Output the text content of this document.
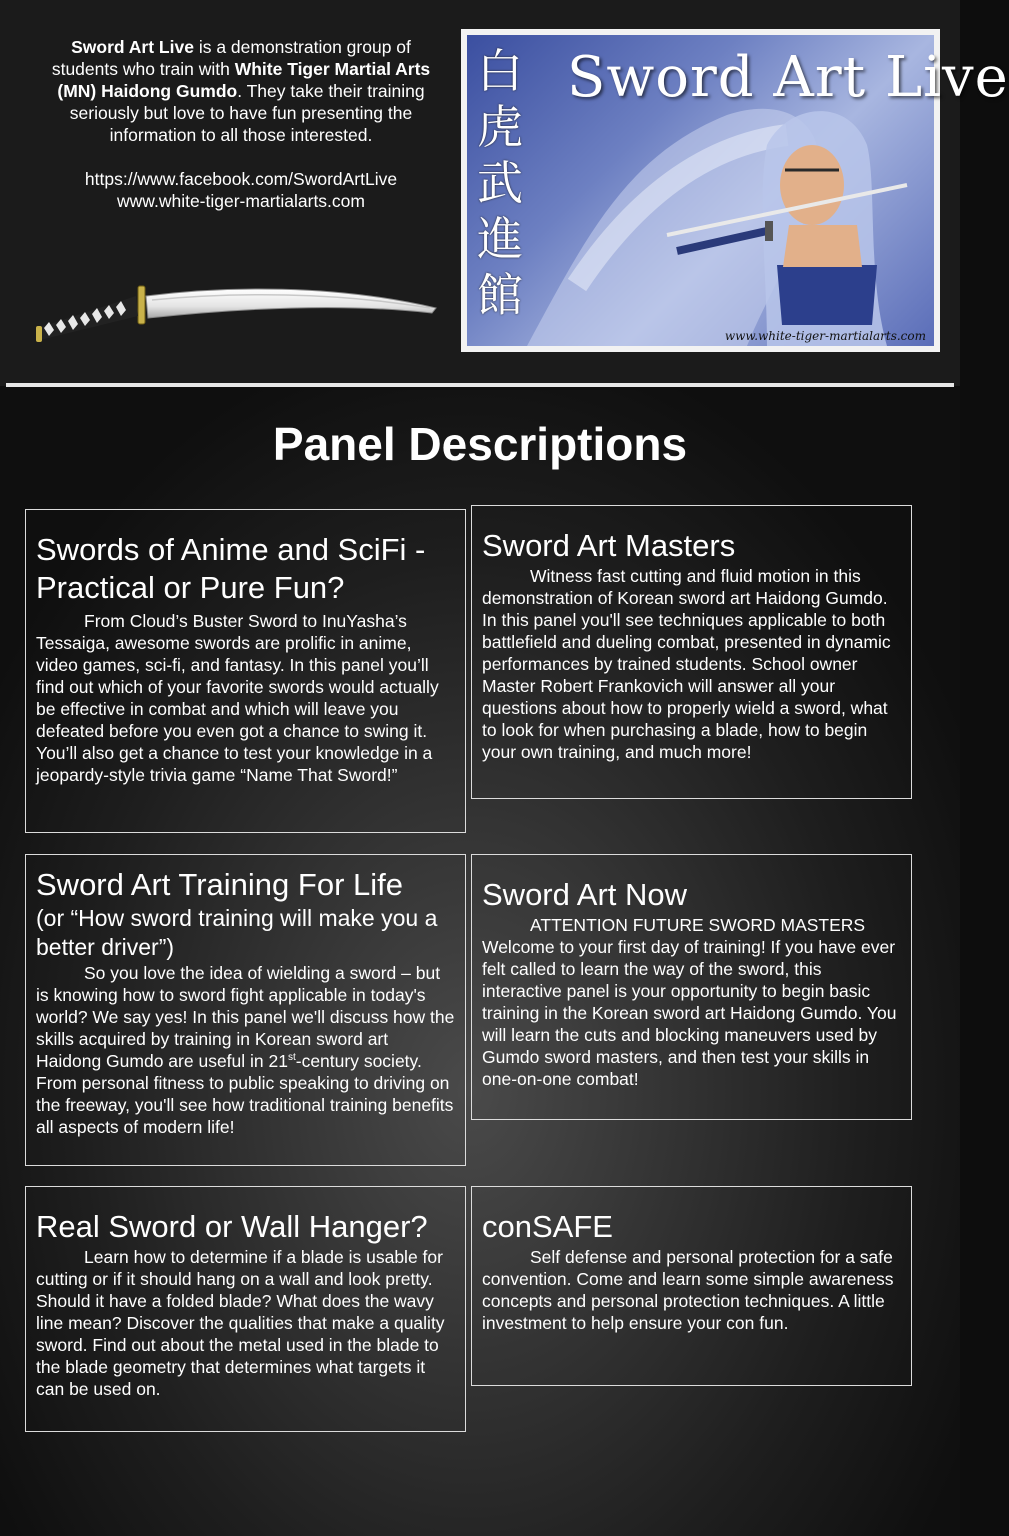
Sword Art Live is a demonstration group of students who train with White Tiger Martial Arts (MN) Haidong Gumdo. They take their training seriously but love to have fun presenting the information to all those interested.

https://www.facebook.com/SwordArtLive
www.white-tiger-martialarts.com
白
虎
武
進
館
Sword Art Live
www.white-tiger-martialarts.com
Panel Descriptions
Swords of Anime and SciFi - Practical or Pure Fun?

From Cloud’s Buster Sword to InuYasha’s Tessaiga, awesome swords are prolific in anime, video games, sci-fi, and fantasy. In this panel you’ll find out which of your favorite swords would actually be effective in combat and which will leave you defeated before you even got a chance to swing it. You’ll also get a chance to test your knowledge in a jeopardy-style trivia game “Name That Sword!”

Sword Art Masters

Witness fast cutting and fluid motion in this demonstration of Korean sword art Haidong Gumdo. In this panel you'll see techniques applicable to both battlefield and dueling combat, presented in dynamic performances by trained students. School owner Master Robert Frankovich will answer all your questions about how to properly wield a sword, what to look for when purchasing a blade, how to begin your own training, and much more!

Sword Art Training For Life
(or “How sword training will make you a better driver”)

So you love the idea of wielding a sword – but is knowing how to sword fight applicable in today's world? We say yes! In this panel we'll discuss how the skills acquired by training in Korean sword art Haidong Gumdo are useful in 21st-century society. From personal fitness to public speaking to driving on the freeway, you'll see how traditional training benefits all aspects of modern life!

Sword Art Now

ATTENTION FUTURE SWORD MASTERS

Welcome to your first day of training! If you have ever felt called to learn the way of the sword, this interactive panel is your opportunity to begin basic training in the Korean sword art Haidong Gumdo. You will learn the cuts and blocking maneuvers used by Gumdo sword masters, and then test your skills in one-on-one combat!

Real Sword or Wall Hanger?

Learn how to determine if a blade is usable for cutting or if it should hang on a wall and look pretty. Should it have a folded blade? What does the wavy line mean? Discover the qualities that make a quality sword. Find out about the metal used in the blade to the blade geometry that determines what targets it can be used on.

conSAFE

Self defense and personal protection for a safe convention. Come and learn some simple awareness concepts and personal protection techniques. A little investment to help ensure your con fun.
